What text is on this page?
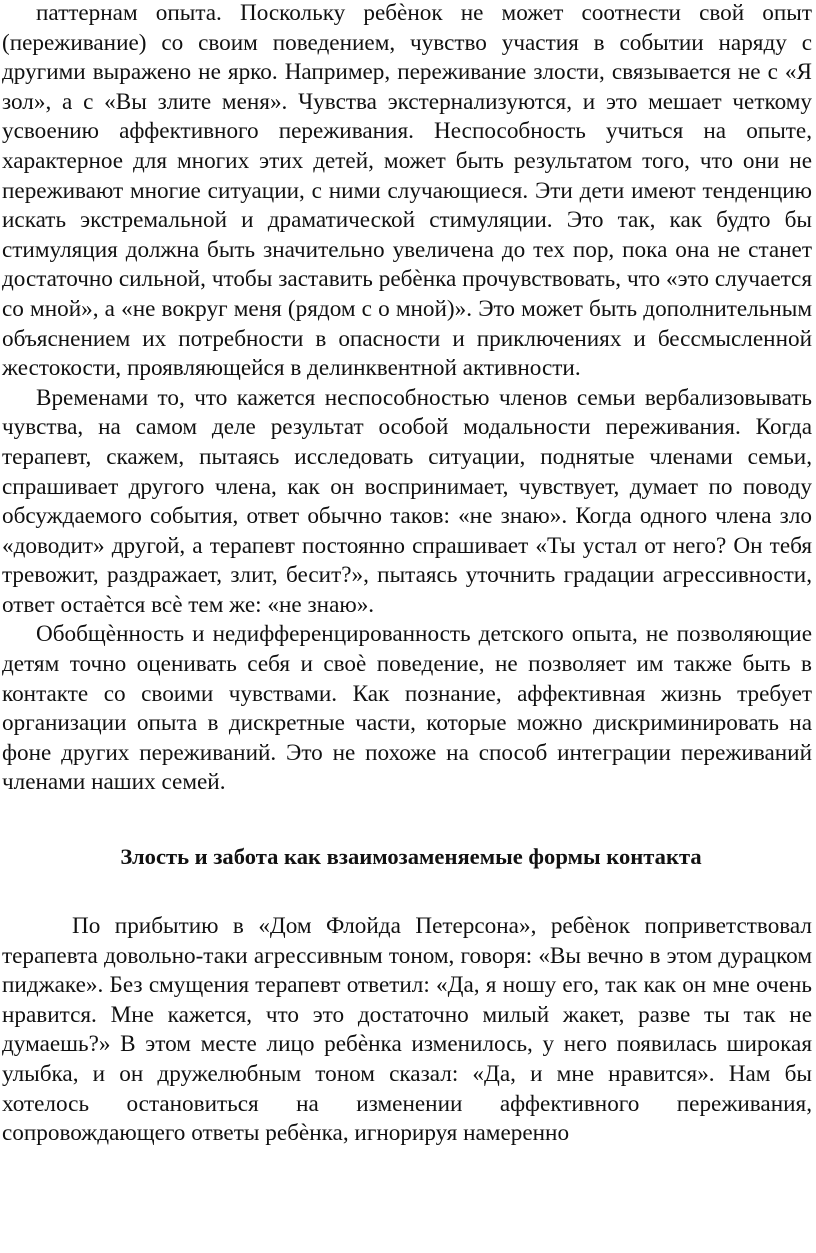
паттернам опыта. Поскольку ребѐнок не может соотнести свой опыт (переживание) со своим поведением, чувство участия в событии наряду с другими выражено не ярко. Например, переживание злости, связывается не с «Я зол», а с «Вы злите меня». Чувства экстернализуются, и это мешает четкому усвоению аффективного переживания. Неспособность учиться на опыте, характерное для многих этих детей, может быть результатом того, что они не переживают многие ситуации, с ними случающиеся. Эти дети имеют тенденцию искать экстремальной и драматической стимуляции. Это так, как будто бы стимуляция должна быть значительно увеличена до тех пор, пока она не станет достаточно сильной, чтобы заставить ребѐнка прочувствовать, что «это случается со мной», а «не вокруг меня (рядом с о мной)». Это может быть дополнительным объяснением их потребности в опасности и приключениях и бессмысленной жестокости, проявляющейся в делинквентной активности.

Временами то, что кажется неспособностью членов семьи вербализовывать чувства, на самом деле результат особой модальности переживания. Когда терапевт, скажем, пытаясь исследовать ситуации, поднятые членами семьи, спрашивает другого члена, как он воспринимает, чувствует, думает по поводу обсуждаемого события, ответ обычно таков: «не знаю». Когда одного члена зло «доводит» другой, а терапевт постоянно спрашивает «Ты устал от него? Он тебя тревожит, раздражает, злит, бесит?», пытаясь уточнить градации агрессивности, ответ остаѐтся всѐ тем же: «не знаю».

Обобщѐнность и недифференцированность детского опыта, не позволяющие детям точно оценивать себя и своѐ поведение, не позволяет им также быть в контакте со своими чувствами. Как познание, аффективная жизнь требует организации опыта в дискретные части, которые можно дискриминировать на фоне других переживаний. Это не похоже на способ интеграции переживаний членами наших семей.

Злость и забота как взаимозаменяемые формы контакта

По прибытию в «Дом Флойда Петерсона», ребѐнок поприветствовал терапевта довольно-таки агрессивным тоном, говоря: «Вы вечно в этом дурацком пиджаке». Без смущения терапевт ответил: «Да, я ношу его, так как он мне очень нравится. Мне кажется, что это достаточно милый жакет, разве ты так не думаешь?» В этом месте лицо ребѐнка изменилось, у него появилась широкая улыбка, и он дружелюбным тоном сказал: «Да, и мне нравится». Нам бы хотелось остановиться на изменении аффективного переживания, сопровождающего ответы ребѐнка, игнорируя намеренно
